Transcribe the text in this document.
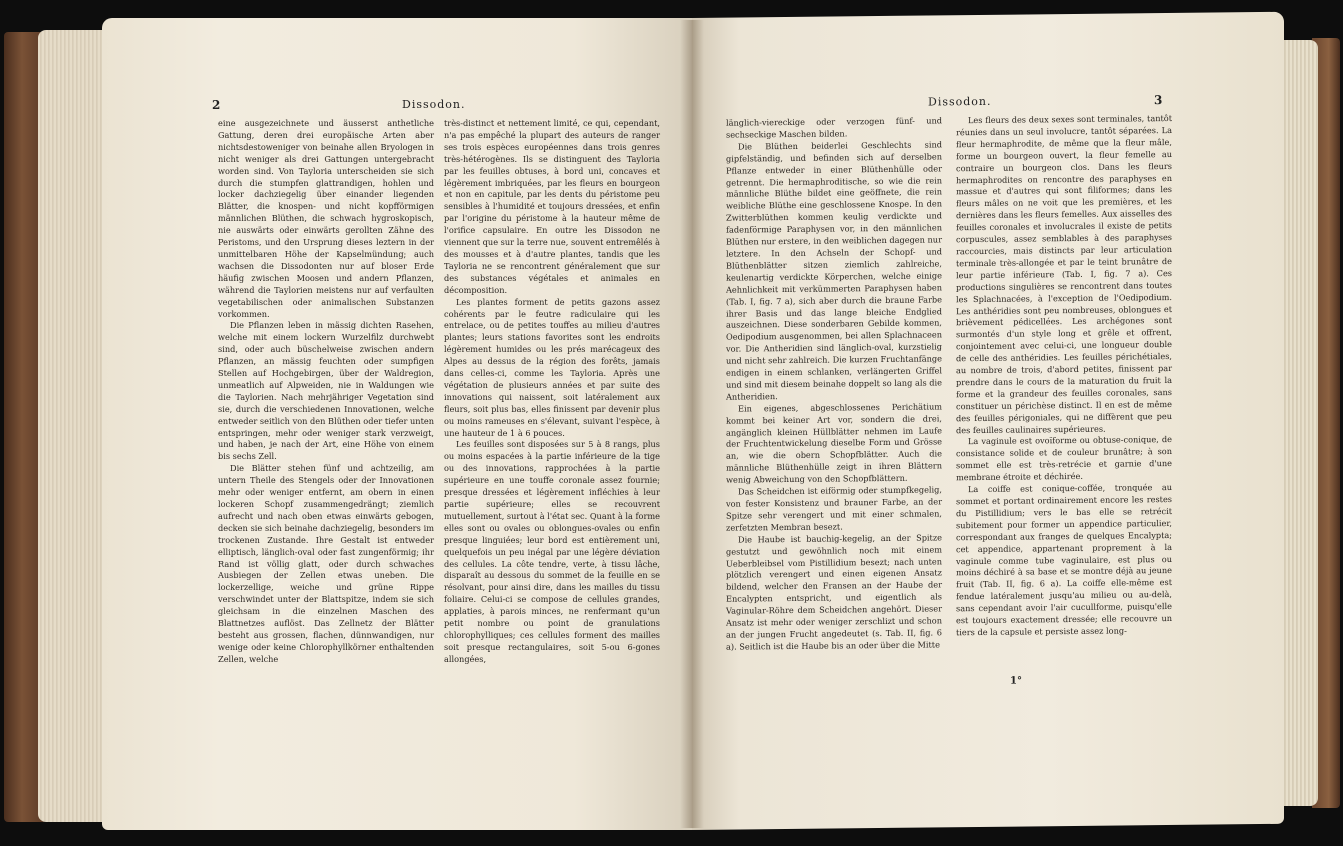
2	Dissodon.

eine ausgezeichnete und äusserst anthetliche Gattung, deren drei europäische Arten aber nichtsdestoweniger von beinahe allen Bryologen in nicht weniger als drei Gattungen untergebracht worden sind. Von Tayloria unterscheiden sie sich durch die stumpfen glattrandigen, hohlen und locker dachziegelig über einander liegenden Blätter, die knospen- und nicht kopfförmigen männlichen Blüthen, die schwach hygroskopisch, nie auswärts oder einwärts gerollten Zähne des Peristoms, und den Ursprung dieses leztern in der unmittelbaren Höhe der Kapselmündung; auch wachsen die Dissodonten nur auf bloser Erde häufig zwischen Moosen und andern Pflanzen, während die Taylorien meistens nur auf verfaulten vegetabilischen oder animalischen Substanzen vorkommen.

Die Pflanzen leben in mässig dichten Rasehen, welche mit einem lockern Wurzelfilz durchwebt sind, oder auch büschelweise zwischen andern Pflanzen, an mässig feuchten oder sumpfigen Stellen auf Hochgebirgen, über der Waldregion, unmeatlich auf Alpweiden, nie in Waldungen wie die Taylorien. Nach mehrjähriger Vegetation sind sie, durch die verschiedenen Innovationen, welche entweder seitlich von den Blüthen oder tiefer unten entspringen, mehr oder weniger stark verzweigt, und haben, je nach der Art, eine Höhe von einem bis sechs Zell.

Die Blätter stehen fünf und achtzeilig, am untern Theile des Stengels oder der Innovationen mehr oder weniger entfernt, am obern in einen lockeren Schopf zusammengedrängt; ziemlich aufrecht und nach oben etwas einwärts gebogen, decken sie sich beinahe dachziegelig, besonders im trockenen Zustande. Ihre Gestalt ist entweder elliptisch, länglich-oval oder fast zungenförmig; ihr Rand ist völlig glatt, oder durch schwaches Ausbiegen der Zellen etwas uneben. Die lockerzellige, weiche und grüne Rippe verschwindet unter der Blattspitze, indem sie sich gleichsam in die einzelnen Maschen des Blattnetzes auflöst. Das Zellnetz der Blätter besteht aus grossen, flachen, dünnwandigen, nur wenige oder keine Chlorophyllkörner enthaltenden Zellen, welche

très-distinct et nettement limité, ce qui, cependant, n'a pas empêché la plupart des auteurs de ranger ses trois espèces européennes dans trois genres très-hétérogènes. Ils se distinguent des Tayloria par les feuilles obtuses, à bord uni, concaves et légèrement imbriquées, par les fleurs en bourgeon et non en capitule, par les dents du péristome peu sensibles à l'humidité et toujours dressées, et enfin par l'origine du péristome à la hauteur même de l'orifice capsulaire. En outre les Dissodon ne viennent que sur la terre nue, souvent entremêlés à des mousses et à d'autre plantes, tandis que les Tayloria ne se rencontrent généralement que sur des substances végétales et animales en décomposition.

Les plantes forment de petits gazons assez cohérents par le feutre radiculaire qui les entrelace, ou de petites touffes au milieu d'autres plantes; leurs stations favorites sont les endroits légèrement humides ou les prés marécageux des Alpes au dessus de la région des forêts, jamais dans celles-ci, comme les Tayloria. Après une végétation de plusieurs années et par suite des innovations qui naissent, soit latéralement aux fleurs, soit plus bas, elles finissent par devenir plus ou moins rameuses en s'élevant, suivant l'espèce, à une hauteur de 1 à 6 pouces.

Les feuilles sont disposées sur 5 à 8 rangs, plus ou moins espacées à la partie inférieure de la tige ou des innovations, rapprochées à la partie supérieure en une touffe coronale assez fournie; presque dressées et légèrement infléchies à leur partie supérieure; elles se recouvrent mutuellement, surtout à l'état sec. Quant à la forme elles sont ou ovales ou oblongues-ovales ou enfin presque linguiées; leur bord est entièrement uni, quelquefois un peu inégal par une légère déviation des cellules. La côte tendre, verte, à tissu lâche, disparaît au dessous du sommet de la feuille en se résolvant, pour ainsi dire, dans les mailles du tissu foliaire. Celui-ci se compose de cellules grandes, applaties, à parois minces, ne renfermant qu'un petit nombre ou point de granulations chlorophylliques; ces cellules forment des mailles soit presque rectangulaires, soit 5-ou 6-gones allongées,

3
Dissodon.

länglich-viereckige oder verzogen fünf- und sechseckige Maschen bilden.

Die Blüthen beiderlei Geschlechts sind gipfelständig, und befinden sich auf derselben Pflanze entweder in einer Blüthenhülle oder getrennt. Die hermaphroditische, so wie die rein männliche Blüthe bildet eine geöffnete, die rein weibliche Blüthe eine geschlossene Knospe. In den Zwitterblüthen kommen keulig verdickte und fadenförmige Paraphysen vor, in den männlichen Blüthen nur erstere, in den weiblichen dagegen nur letztere. In den Achseln der Schopf- und Blüthenblätter sitzen ziemlich zahlreiche, keulenartig verdickte Körperchen, welche einige Aehnlichkeit mit verkümmerten Paraphysen haben (Tab. I, fig. 7 a), sich aber durch die braune Farbe ihrer Basis und das lange bleiche Endglied auszeichnen. Diese sonderbaren Gebilde kommen, Oedipodium ausgenommen, bei allen Splachnaceen vor. Die Antheridien sind länglich-oval, kurzstielig und nicht sehr zahlreich. Die kurzen Fruchtanfänge endigen in einem schlanken, verlängerten Griffel und sind mit diesem beinahe doppelt so lang als die Antheridien.

Ein eigenes, abgeschlossenes Perichätium kommt bei keiner Art vor, sondern die drei, angänglich kleinen Hüllblätter nehmen im Laufe der Fruchtentwickelung dieselbe Form und Grösse an, wie die obern Schopfblätter. Auch die männliche Blüthenhülle zeigt in ihren Blättern wenig Abweichung von den Schopfblättern.

Das Scheidchen ist eiförmig oder stumpfkegelig, von fester Konsistenz und brauner Farbe, an der Spitze sehr verengert und mit einer schmalen, zerfetzten Membran besezt.

Die Haube ist bauchig-kegelig, an der Spitze gestutzt und gewöhnlich noch mit einem Ueberbleibsel vom Pistillidium besezt; nach unten plötzlich verengert und einen eigenen Ansatz bildend, welcher den Fransen an der Haube der Encalypten entspricht, und eigentlich als Vaginular-Röhre dem Scheidchen angehört. Dieser Ansatz ist mehr oder weniger zerschlizt und schon an der jungen Frucht angedeutet (s. Tab. II, fig. 6 a). Seitlich ist die Haube bis an oder über die Mitte

Les fleurs des deux sexes sont terminales, tantôt réunies dans un seul involucre, tantôt séparées. La fleur hermaphrodite, de même que la fleur mâle, forme un bourgeon ouvert, la fleur femelle au contraire un bourgeon clos. Dans les fleurs hermaphrodites on rencontre des paraphyses en massue et d'autres qui sont filiformes; dans les fleurs mâles on ne voit que les premières, et les dernières dans les fleurs femelles. Aux aisselles des feuilles coronales et involucrales il existe de petits corpuscules, assez semblables à des paraphyses raccourcies, mais distincts par leur articulation terminale très-allongée et par le teint brunâtre de leur partie inférieure (Tab. I, fig. 7 a). Ces productions singulières se rencontrent dans toutes les Splachnacées, à l'exception de l'Oedipodium. Les anthéridies sont peu nombreuses, oblongues et brièvement pédicellées. Les archégones sont surmontés d'un style long et grêle et offrent, conjointement avec celui-ci, une longueur double de celle des anthéridies. Les feuilles périchétiales, au nombre de trois, d'abord petites, finissent par prendre dans le cours de la maturation du fruit la forme et la grandeur des feuilles coronales, sans constituer un périchèse distinct. Il en est de même des feuilles périgoniales, qui ne diffèrent que peu des feuilles caulinaires supérieures.

La vaginule est ovoïforme ou obtuse-conique, de consistance solide et de couleur brunâtre; à son sommet elle est très-retrécie et garnie d'une membrane étroite et déchirée.

La coiffe est conique-coffée, tronquée au sommet et portant ordinairement encore les restes du Pistillidium; vers le bas elle se retrécit subitement pour former un appendice particulier, correspondant aux franges de quelques Encalypta; cet appendice, appartenant proprement à la vaginule comme tube vaginulaire, est plus ou moins déchiré à sa base et se montre déjà au jeune fruit (Tab. II, fig. 6 a). La coiffe elle-même est fendue latéralement jusqu'au milieu ou au-delà, sans cependant avoir l'air cucullforme, puisqu'elle est toujours exactement dressée; elle recouvre un tiers de la capsule et persiste assez long-

1°
